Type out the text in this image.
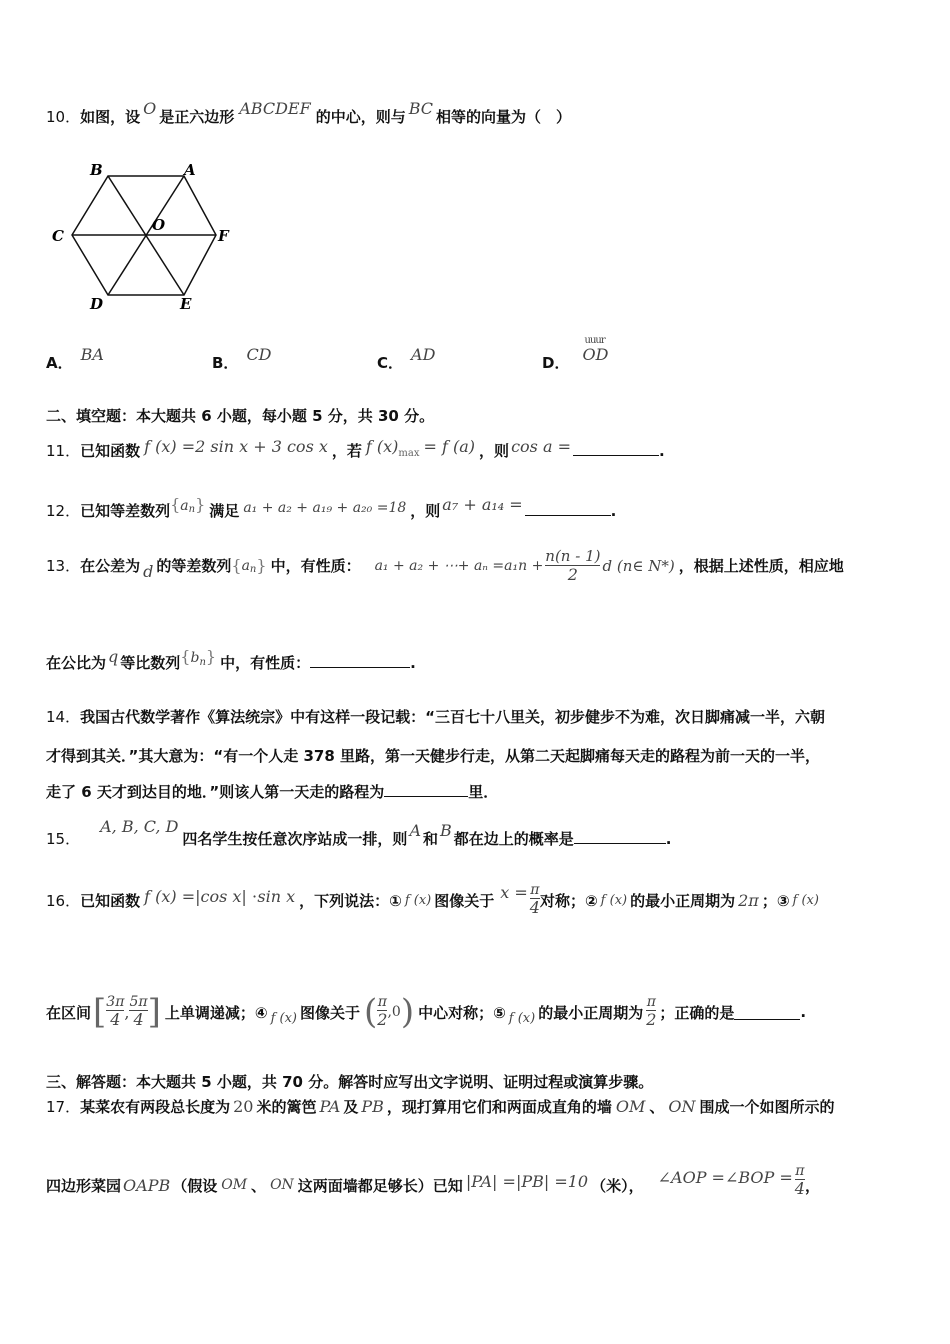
10．如图，设 O 是正六边形 ABCDEF 的中心，则与 BC 相等的向量为（　）
B	A
C	F
O
D	E
A． BA	B． CD	C． AD	D．
uuur
OD
二、填空题：本大题共 6 小题，每小题 5 分，共 30 分。
11．已知函数 f (x) =2 sin x + 3 cos x ，若 f (x)max = f (a) ，则 cos a =	.
12．已知等差数列$\{a^n\}$ 满足 a₁ + a₂ + a₁₉ + a₂₀ =18 ，则 a₇ + a₁₄ =	.
13． 在公差为 d 的等差数列 { a n } 中，有性质： a₁ + a₂ + ⋯+ $a_n =a_1n + \frac{n(n - 1)}{2}$ d (n∈ N*) ，根据上述性质，相应地
在公比为 q 等比数列{bn} 中，有性质：	.
14．我国古代数学著作《算法统宗》中有这样一段记载：“三百七十八里关，初步健步不为难，次日脚痛减一半，六朝
才得到其关．”其大意为：“有一个人走 378 里路，第一天健步行走，从第二天起脚痛每天走的路程为前一天的一半，
走了 6 天才到达目的地．”则该人第一天走的路程为	里．
15．A, B, C, D四名学生按任意次序站成一排，则 A 和 B 都在边上的概率是	.
16． 已知函数 f (x) =|cos x| ⋅sin x ，下列说法：① f (x) 图像关于 $x = \frac{\pi}{4}$ 对称；② f (x) 的最小正周期为 2π ；③ f (x)
在区间 [ $\frac{3\pi}{4}$ , $\frac{5\pi}{4}$ ] 上单调递减；④ f (x) 图像关于 ( $\frac{\pi}{2} ,0$ ) 中心对称；⑤ f (x) 的最小正周期为 $\frac{\pi}{2}$ ；正确的是	.
三、解答题：本大题共 5 小题，共 70 分。解答时应写出文字说明、证明过程或演算步骤。
17．某菜农有两段总长度为 20 米的篱笆 PA 及 PB ，现打算用它们和两面成直角的墙 OM 、 ON 围成一个如图所示的
四边形菜园 OAPB （假设 OM 、 ON 这两面墙都足够长）已知 |PA| =|PB| =10 （米）， ∠AOP =∠BOP = $\frac{\pi}{4}$ ，
